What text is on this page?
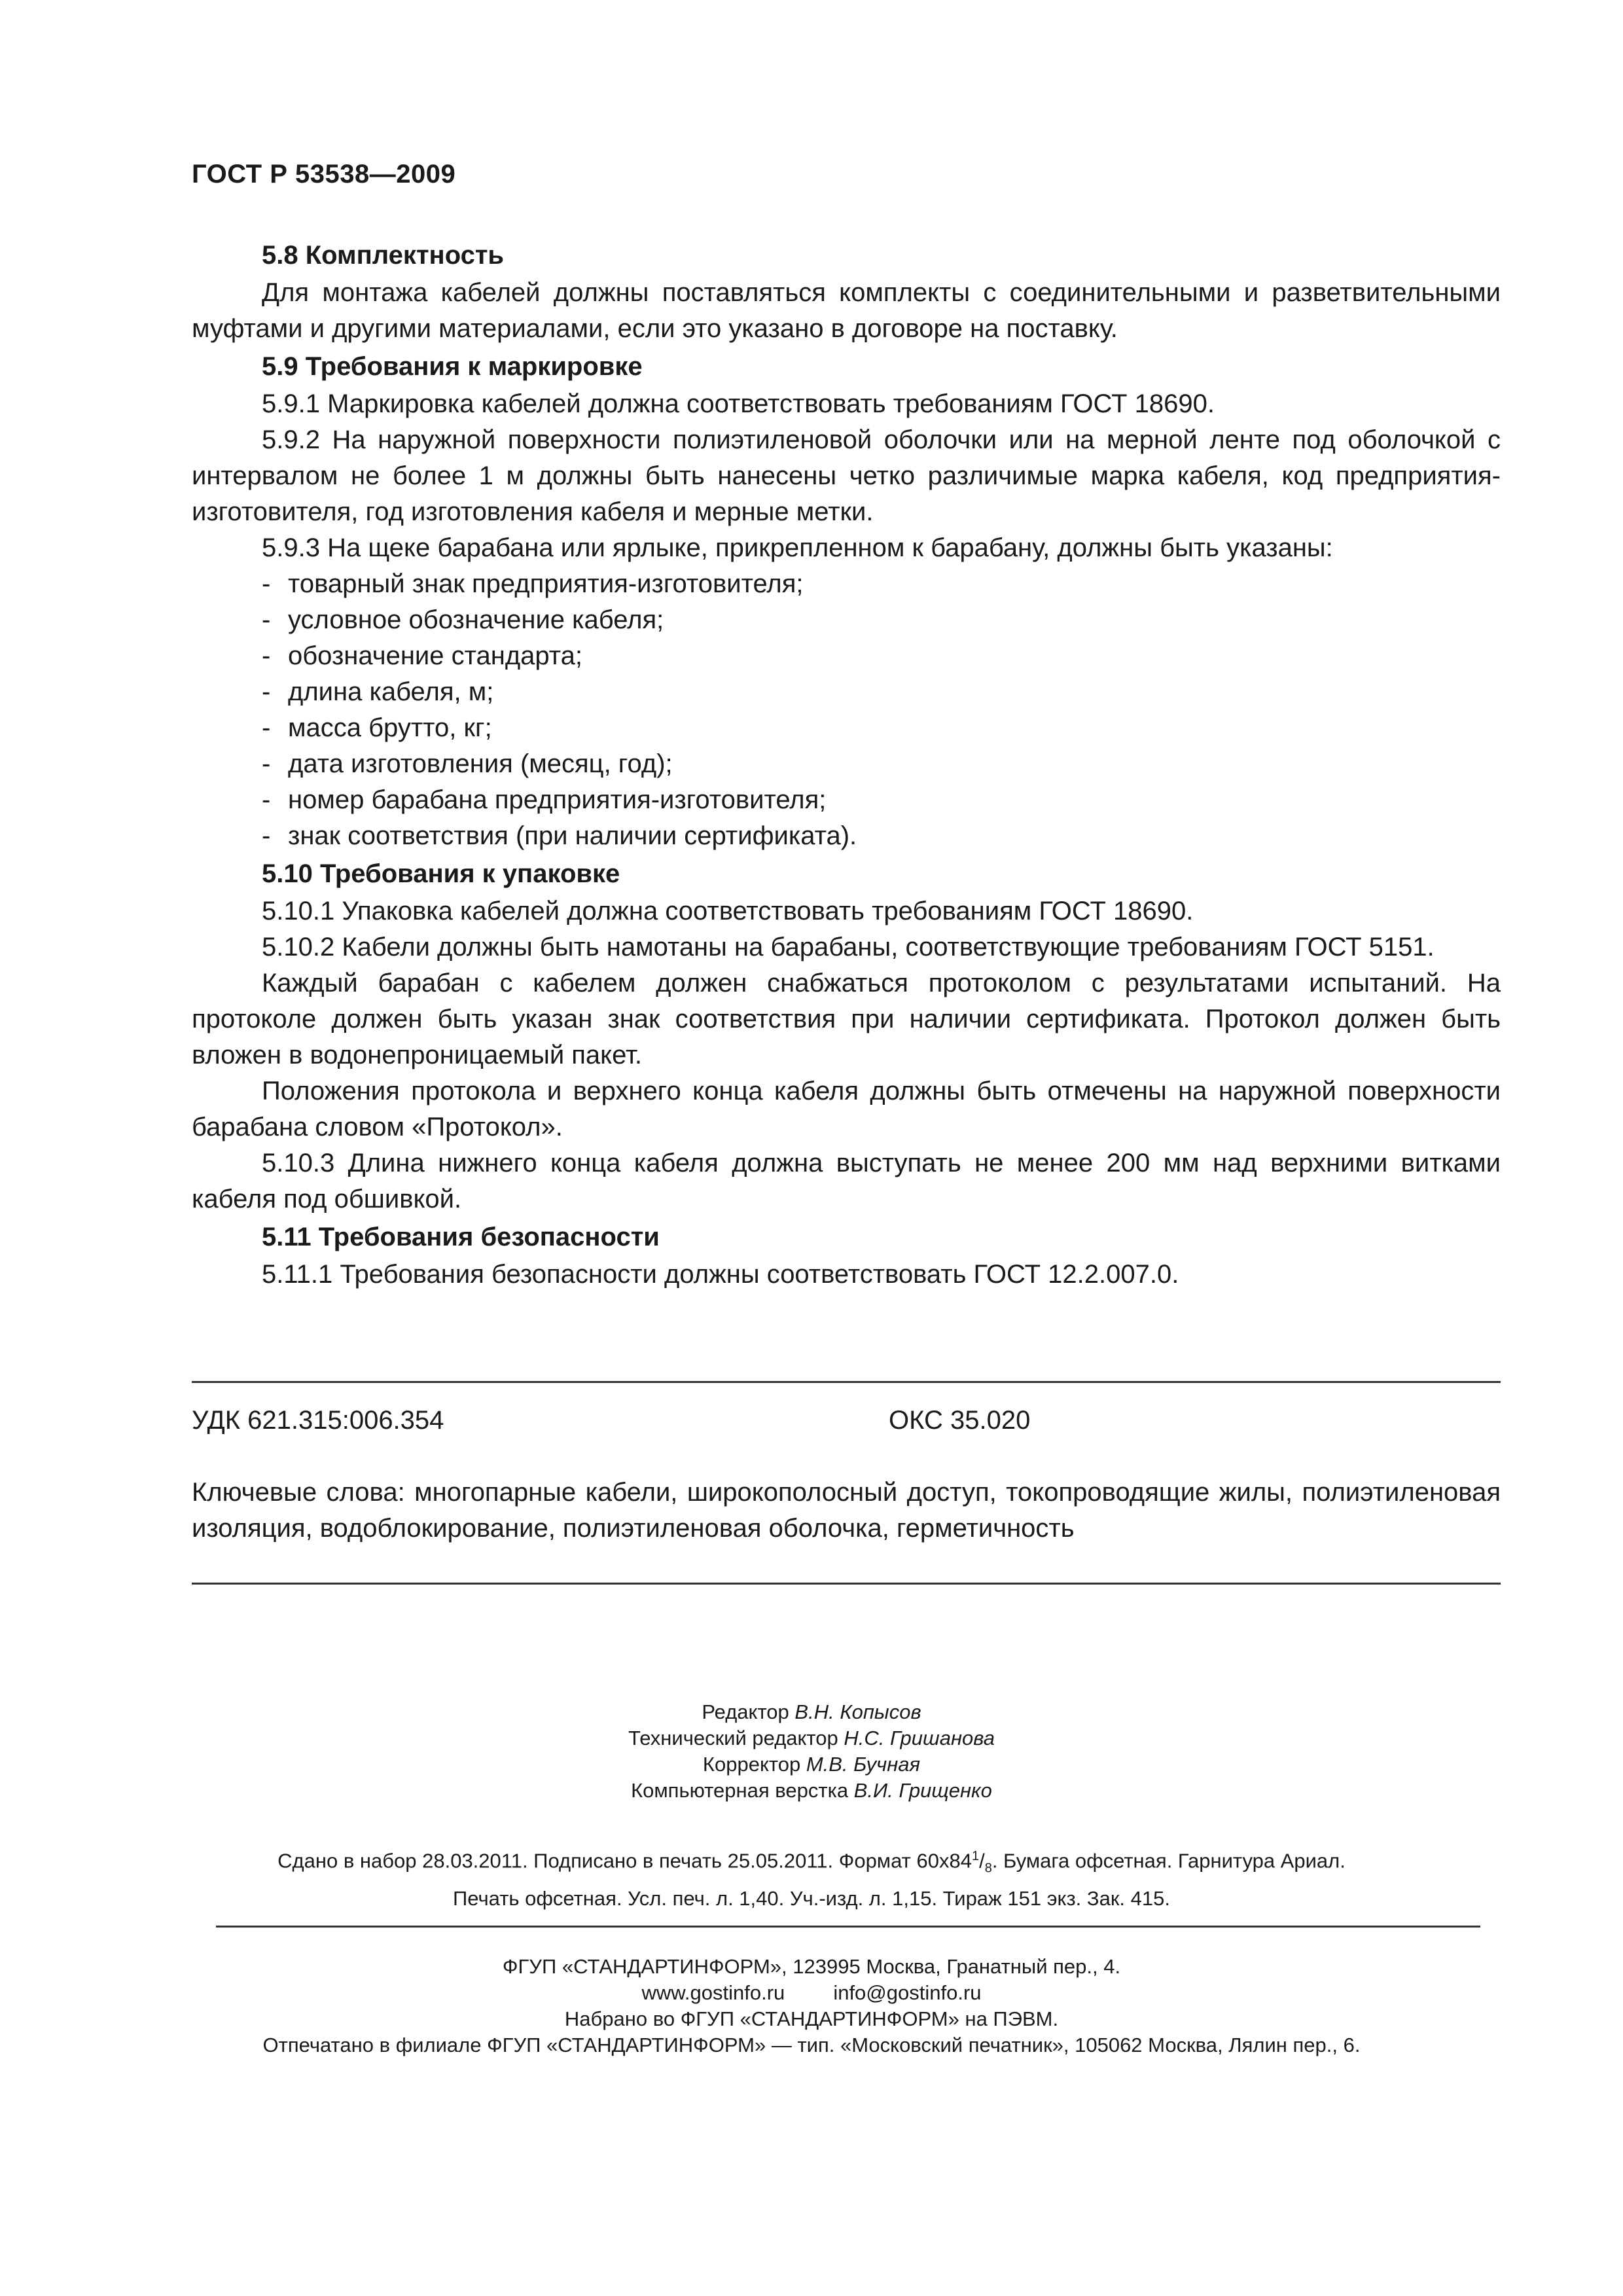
ГОСТ Р 53538—2009
5.8 Комплектность

Для монтажа кабелей должны поставляться комплекты с соединительными и разветвительными муфтами и другими материалами, если это указано в договоре на поставку.

5.9 Требования к маркировке

5.9.1 Маркировка кабелей должна соответствовать требованиям ГОСТ 18690.

5.9.2 На наружной поверхности полиэтиленовой оболочки или на мерной ленте под оболочкой с интервалом не более 1 м должны быть нанесены четко различимые марка кабеля, код предприятия-изготовителя, год изготовления кабеля и мерные метки.

5.9.3 На щеке барабана или ярлыке, прикрепленном к барабану, должны быть указаны:

- товарный знак предприятия-изготовителя;
- условное обозначение кабеля;
- обозначение стандарта;
- длина кабеля, м;
- масса брутто, кг;
- дата изготовления (месяц, год);
- номер барабана предприятия-изготовителя;
- знак соответствия (при наличии сертификата).
5.10 Требования к упаковке

5.10.1 Упаковка кабелей должна соответствовать требованиям ГОСТ 18690.

5.10.2 Кабели должны быть намотаны на барабаны, соответствующие требованиям ГОСТ 5151.

Каждый барабан с кабелем должен снабжаться протоколом с результатами испытаний. На протоколе должен быть указан знак соответствия при наличии сертификата. Протокол должен быть вложен в водонепроницаемый пакет.

Положения протокола и верхнего конца кабеля должны быть отмечены на наружной поверхности барабана словом «Протокол».

5.10.3 Длина нижнего конца кабеля должна выступать не менее 200 мм над верхними витками кабеля под обшивкой.

5.11 Требования безопасности

5.11.1 Требования безопасности должны соответствовать ГОСТ 12.2.007.0.

УДК 621.315:006.354	ОКС 35.020
Ключевые слова: многопарные кабели, широкополосный доступ, токопроводящие жилы, полиэтиленовая изоляция, водоблокирование, полиэтиленовая оболочка, герметичность
Редактор В.Н. Копысов
Технический редактор Н.С. Гришанова
Корректор М.В. Бучная
Компьютерная верстка В.И. Грищенко
Сдано в набор 28.03.2011. Подписано в печать 25.05.2011. Формат $60x84^1/_8$. Бумага офсетная. Гарнитура Ариал.
Печать офсетная. Усл. печ. л. 1,40. Уч.-изд. л. 1,15. Тираж 151 экз. Зак. 415.
ФГУП «СТАНДАРТИНФОРМ», 123995 Москва, Гранатный пер., 4.
www.gostinfo.ru info@gostinfo.ru
Набрано во ФГУП «СТАНДАРТИНФОРМ» на ПЭВМ.
Отпечатано в филиале ФГУП «СТАНДАРТИНФОРМ» — тип. «Московский печатник», 105062 Москва, Лялин пер., 6.
